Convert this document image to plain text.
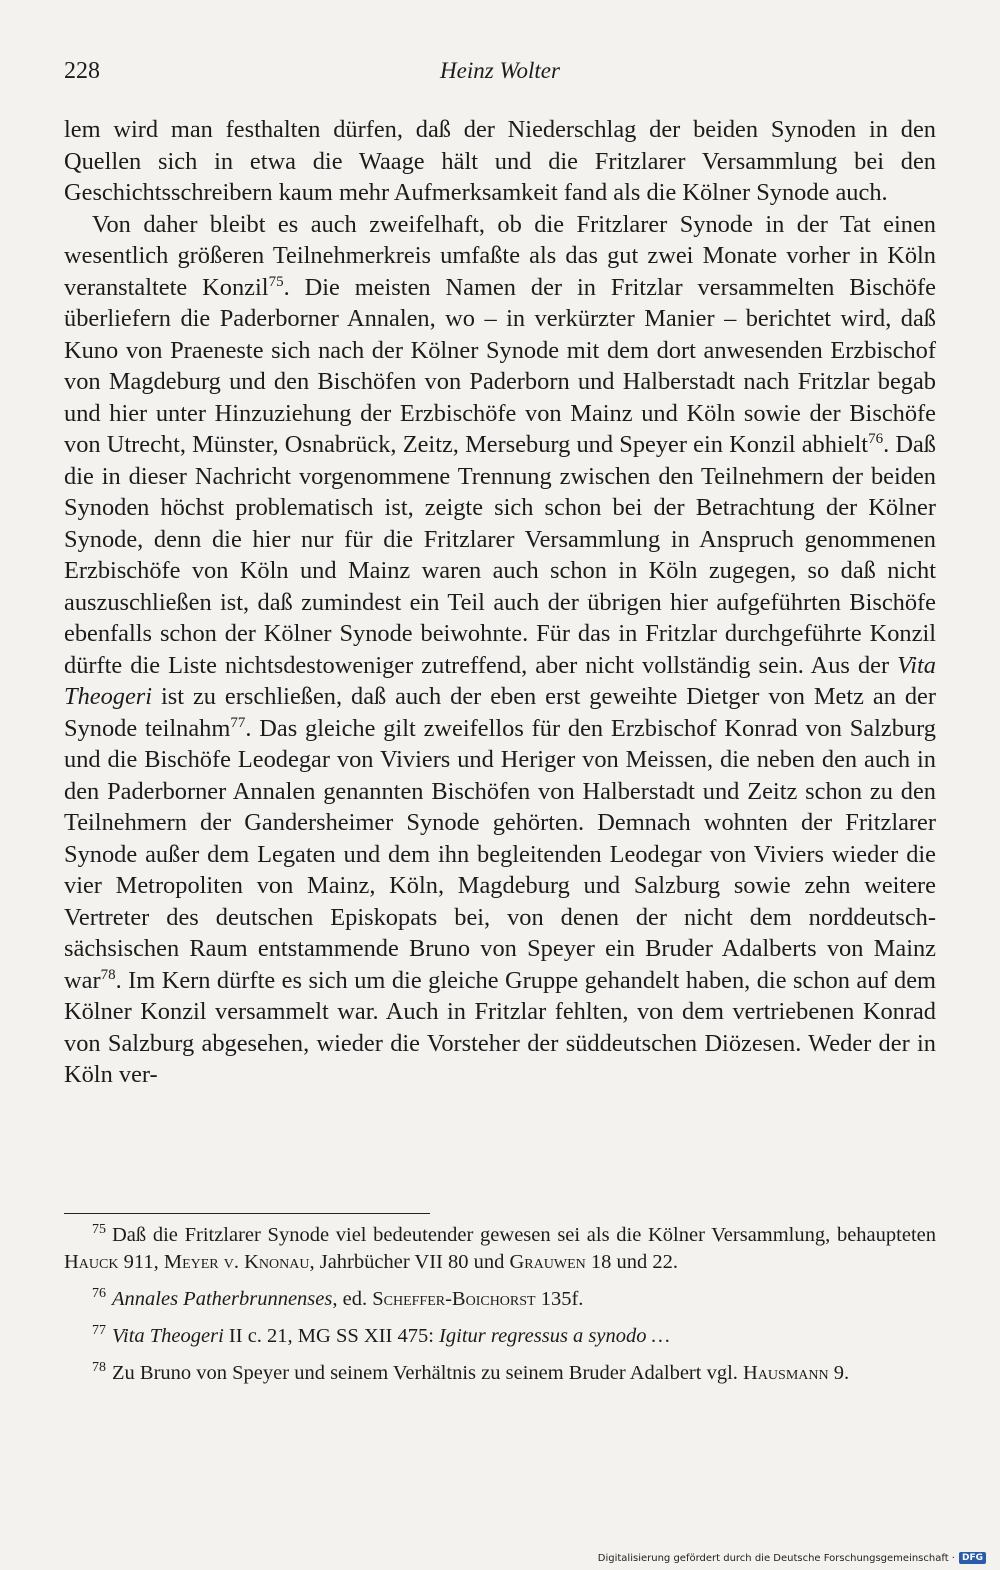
228	Heinz Wolter

lem wird man festhalten dürfen, daß der Niederschlag der beiden Synoden in den Quellen sich in etwa die Waage hält und die Fritzlarer Versammlung bei den Geschichtsschreibern kaum mehr Aufmerksamkeit fand als die Kölner Synode auch.

Von daher bleibt es auch zweifelhaft, ob die Fritzlarer Synode in der Tat einen wesentlich größeren Teilnehmerkreis umfaßte als das gut zwei Monate vorher in Köln veranstaltete Konzil$^{75}$. Die meisten Namen der in Fritzlar versammelten Bischöfe überliefern die Paderborner Annalen, wo – in verkürzter Manier – berichtet wird, daß Kuno von Praeneste sich nach der Kölner Synode mit dem dort anwesenden Erzbischof von Magdeburg und den Bischöfen von Paderborn und Halberstadt nach Fritzlar begab und hier unter Hinzuziehung der Erzbischöfe von Mainz und Köln sowie der Bischöfe von Utrecht, Münster, Osnabrück, Zeitz, Merseburg und Speyer ein Konzil abhielt$^{76}$. Daß die in dieser Nachricht vorgenommene Trennung zwischen den Teilnehmern der beiden Synoden höchst problematisch ist, zeigte sich schon bei der Betrachtung der Kölner Synode, denn die hier nur für die Fritzlarer Versammlung in Anspruch genommenen Erzbischöfe von Köln und Mainz waren auch schon in Köln zugegen, so daß nicht auszuschließen ist, daß zumindest ein Teil auch der übrigen hier aufgeführten Bischöfe ebenfalls schon der Kölner Synode beiwohnte. Für das in Fritzlar durchgeführte Konzil dürfte die Liste nichtsdestoweniger zutreffend, aber nicht vollständig sein. Aus der Vita Theogeri ist zu erschließen, daß auch der eben erst geweihte Dietger von Metz an der Synode teilnahm$^{77}$. Das gleiche gilt zweifellos für den Erzbischof Konrad von Salzburg und die Bischöfe Leodegar von Viviers und Heriger von Meissen, die neben den auch in den Paderborner Annalen genannten Bischöfen von Halberstadt und Zeitz schon zu den Teilnehmern der Gandersheimer Synode gehörten. Demnach wohnten der Fritzlarer Synode außer dem Legaten und dem ihn begleitenden Leodegar von Viviers wieder die vier Metropoliten von Mainz, Köln, Magdeburg und Salzburg sowie zehn weitere Vertreter des deutschen Episkopats bei, von denen der nicht dem norddeutsch-sächsischen Raum entstammende Bruno von Speyer ein Bruder Adalberts von Mainz war$^{78}$. Im Kern dürfte es sich um die gleiche Gruppe gehandelt haben, die schon auf dem Kölner Konzil versammelt war. Auch in Fritzlar fehlten, von dem vertriebenen Konrad von Salzburg abgesehen, wieder die Vorsteher der süddeutschen Diözesen. Weder der in Köln ver-

$^{75}$ Daß die Fritzlarer Synode viel bedeutender gewesen sei als die Kölner Versammlung, behaupteten Hauck 911, Meyer v. Knonau, Jahrbücher VII 80 und Grauwen 18 und 22.

$^{76}$ Annales Patherbrunnenses, ed. Scheffer-Boichorst 135f.

$^{77}$ Vita Theogeri II c. 21, MG SS XII 475: Igitur regressus a synodo …

$^{78}$ Zu Bruno von Speyer und seinem Verhältnis zu seinem Bruder Adalbert vgl. Hausmann 9.

Digitalisierung gefördert durch die Deutsche Forschungsgemeinschaft · DFG
